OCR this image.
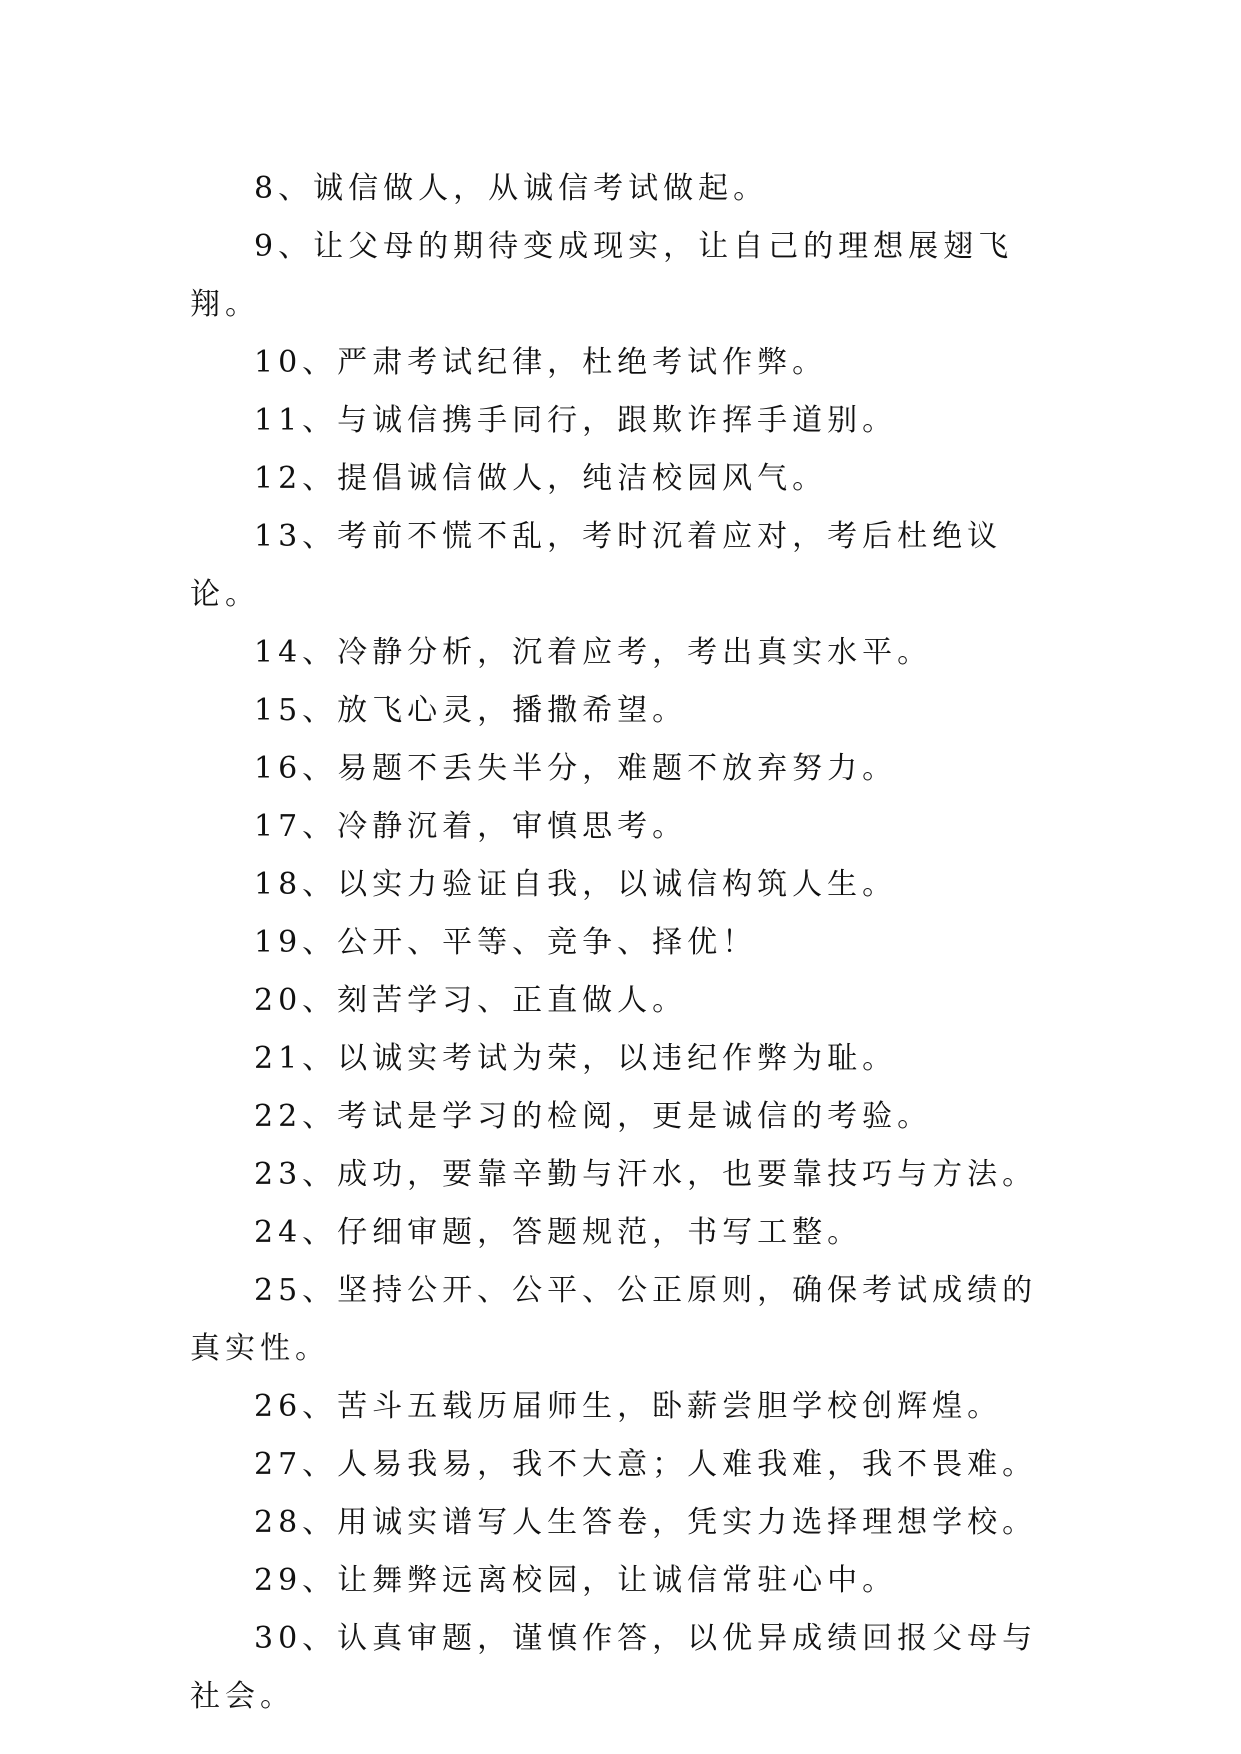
8、诚信做人，从诚信考试做起。

9、让父母的期待变成现实，让自己的理想展翅飞翔。

10、严肃考试纪律，杜绝考试作弊。

11、与诚信携手同行，跟欺诈挥手道别。

12、提倡诚信做人，纯洁校园风气。

13、考前不慌不乱，考时沉着应对，考后杜绝议论。

14、冷静分析，沉着应考，考出真实水平。

15、放飞心灵，播撒希望。

16、易题不丢失半分，难题不放弃努力。

17、冷静沉着，审慎思考。

18、以实力验证自我，以诚信构筑人生。

19、公开、平等、竞争、择优！

20、刻苦学习、正直做人。

21、以诚实考试为荣，以违纪作弊为耻。

22、考试是学习的检阅，更是诚信的考验。

23、成功，要靠辛勤与汗水，也要靠技巧与方法。

24、仔细审题，答题规范，书写工整。

25、坚持公开、公平、公正原则，确保考试成绩的真实性。

26、苦斗五载历届师生，卧薪尝胆学校创辉煌。

27、人易我易，我不大意；人难我难，我不畏难。

28、用诚实谱写人生答卷，凭实力选择理想学校。

29、让舞弊远离校园，让诚信常驻心中。

30、认真审题，谨慎作答，以优异成绩回报父母与社会。
